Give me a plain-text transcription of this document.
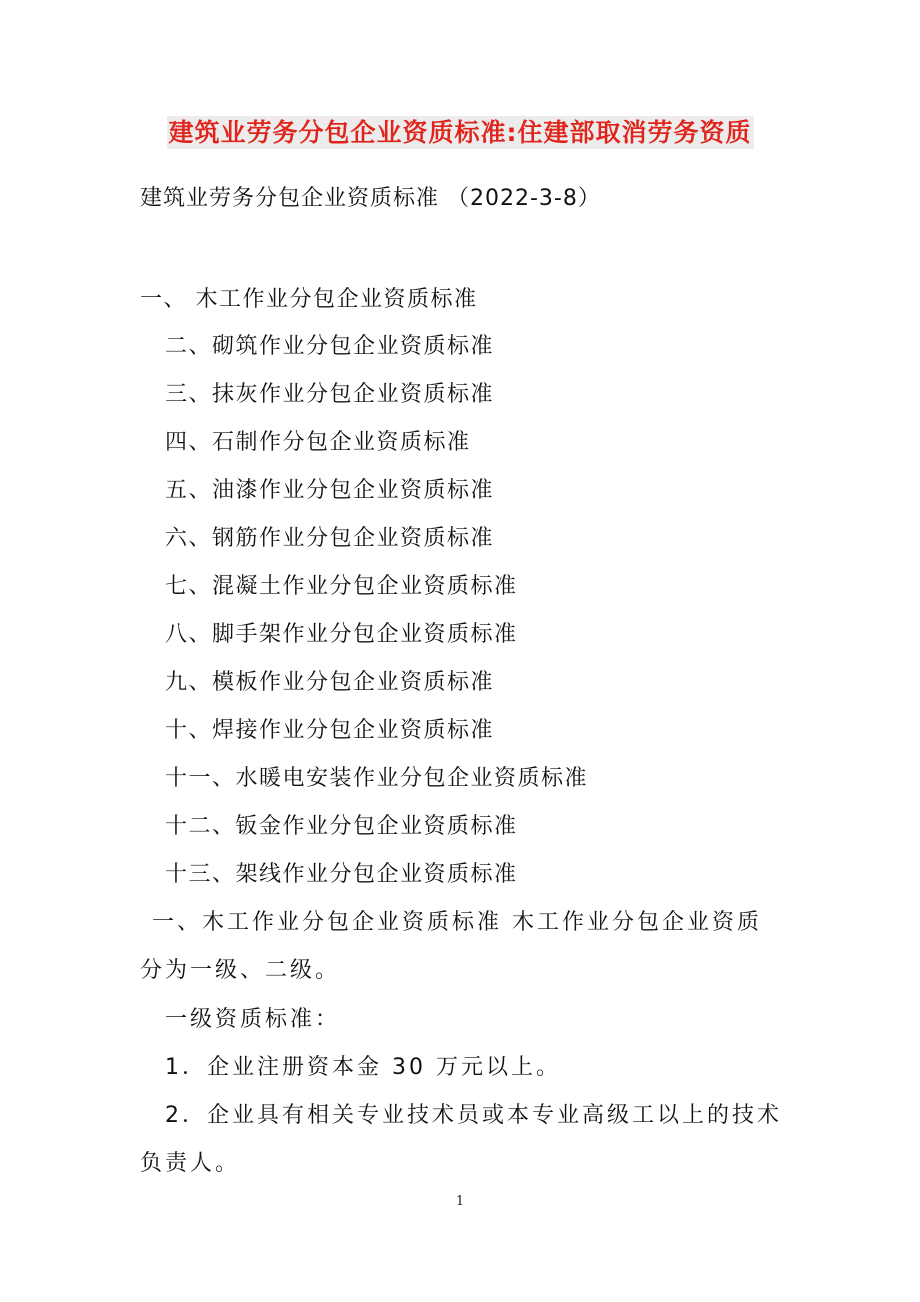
建筑业劳务分包企业资质标准:住建部取消劳务资质
建筑业劳务分包企业资质标准 （2022-3-8）
一、 木工作业分包企业资质标准
二、砌筑作业分包企业资质标准
三、抹灰作业分包企业资质标准
四、石制作分包企业资质标准
五、油漆作业分包企业资质标准
六、钢筋作业分包企业资质标准
七、混凝土作业分包企业资质标准
八、脚手架作业分包企业资质标准
九、模板作业分包企业资质标准
十、焊接作业分包企业资质标准
十一、水暖电安装作业分包企业资质标准
十二、钣金作业分包企业资质标准
十三、架线作业分包企业资质标准
一、木工作业分包企业资质标准 木工作业分包企业资质
分为一级、二级。
一级资质标准：
1．企业注册资本金 30 万元以上。
2．企业具有相关专业技术员或本专业高级工以上的技术
负责人。
1
